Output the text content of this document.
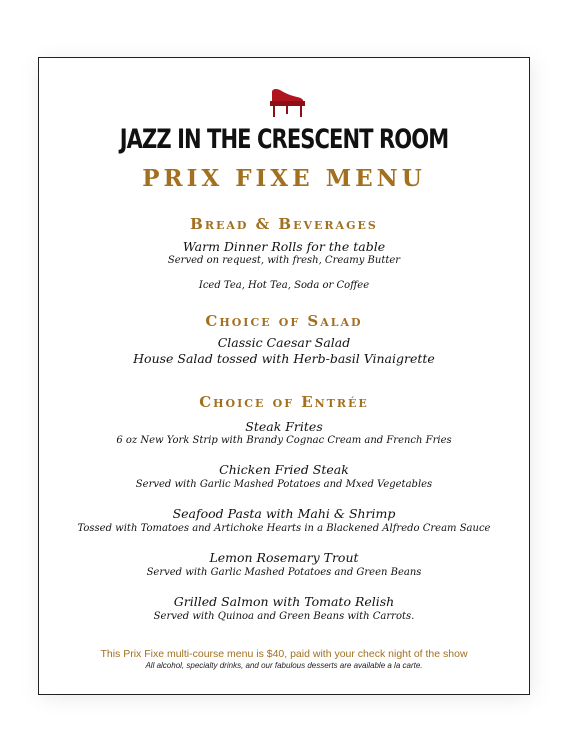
JAZZ IN THE CRESCENT ROOM
PRIX FIXE MENU
Bread & Beverages
Warm Dinner Rolls for the table
Served on request, with fresh, Creamy Butter
Iced Tea, Hot Tea, Soda or Coffee
Choice of Salad
Classic Caesar Salad
House Salad tossed with Herb-basil Vinaigrette
Choice of Entrée
Steak Frites
6 oz New York Strip with Brandy Cognac Cream and French Fries
Chicken Fried Steak
Served with Garlic Mashed Potatoes and Mxed Vegetables
Seafood Pasta with Mahi & Shrimp
Tossed with Tomatoes and Artichoke Hearts in a Blackened Alfredo Cream Sauce
Lemon Rosemary Trout
Served with Garlic Mashed Potatoes and Green Beans
Grilled Salmon with Tomato Relish
Served with Quinoa and Green Beans with Carrots.
This Prix Fixe multi-course menu is $40, paid with your check night of the show
All alcohol, specialty drinks, and our fabulous desserts are available a la carte.
